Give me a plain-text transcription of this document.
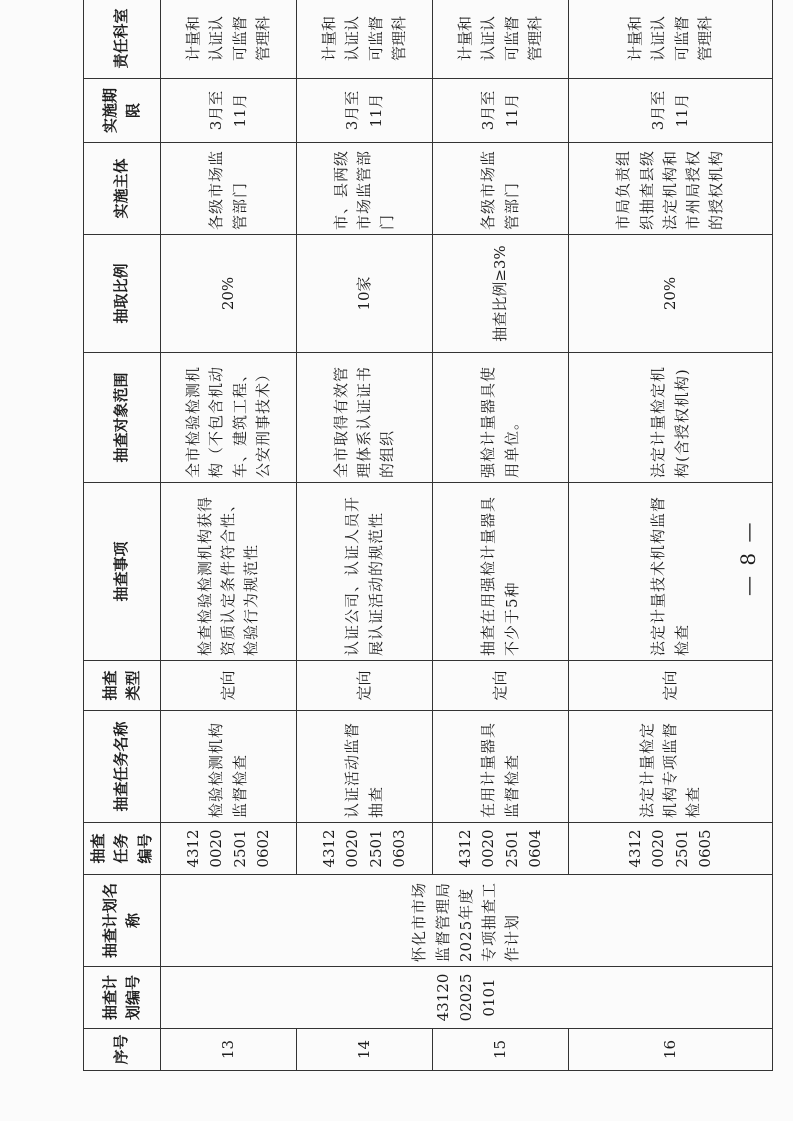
序号	抽查计划编号	抽查计划名称	抽查任务编号	抽查任务名称	抽查类型	抽查事项	抽查对象范围	抽取比例	实施主体	实施期限	责任科室
13	43120
02025
0101	怀化市市场监督管理局2025年度专项抽查工作计划	4312
0020
2501
0602	检验检测机构监督检查	定向	检查检验检测机构获得资质认定条件符合性、检验行为规范性	全市检验检测机构（不包含机动车、建筑工程、公安刑事技术）	20%	各级市场监管部门	3月至
11月	计量和
认证认
可监督
管理科
14			4312
0020
2501
0603	认证活动监督抽查	定向	认证公司、认证人员开展认证活动的规范性	全市取得有效管理体系认证证书的组织	10家	市、县两级市场监管部门	3月至
11月	计量和
认证认
可监督
管理科
15			4312
0020
2501
0604	在用计量器具监督检查	定向	抽查在用强检计量器具不少于5种	强检计量器具使用单位。	抽查比例≥3%	各级市场监管部门	3月至
11月	计量和
认证认
可监督
管理科
16			4312
0020
2501
0605	法定计量检定机构专项监督检查	定向	法定计量技术机构监督检查	法定计量检定机构(含授权机构)	20%	市局负责组织抽查县级法定机构和市州局授权的授权机构	3月至
11月	计量和
认证认
可监督
管理科
— 8 —
